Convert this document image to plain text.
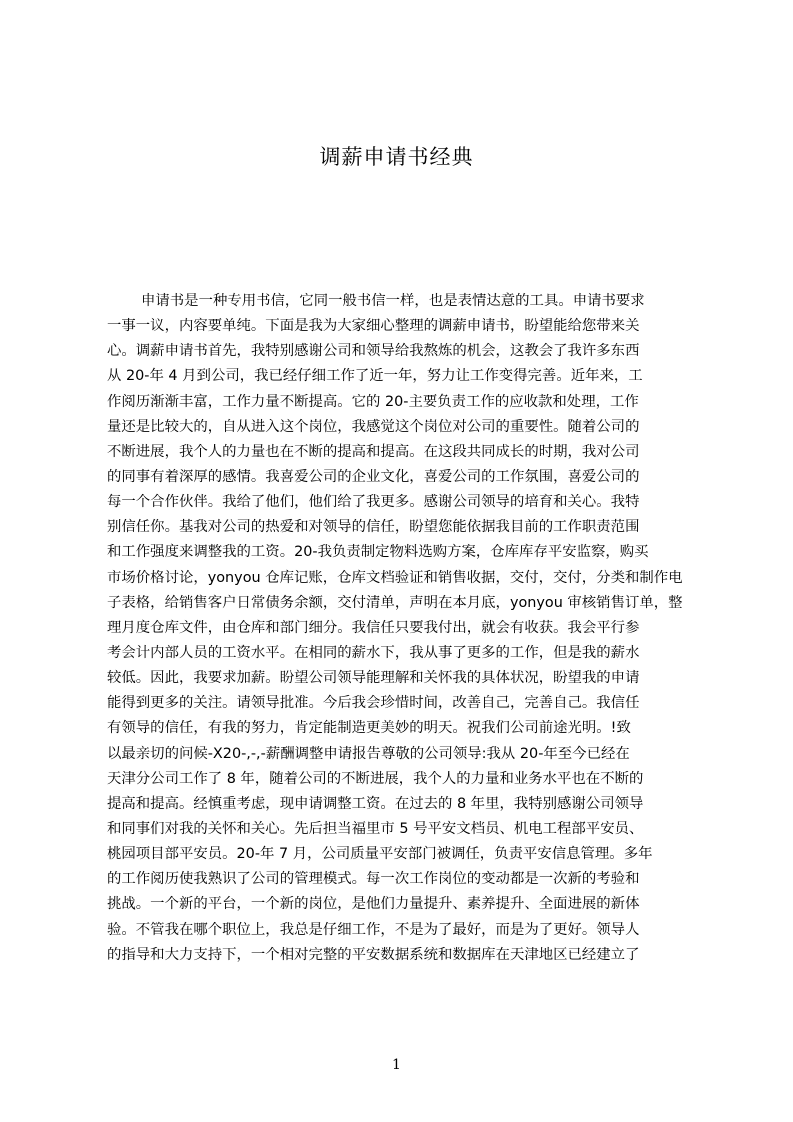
调薪申请书经典
申请书是一种专用书信，它同一般书信一样，也是表情达意的工具。申请书要求
一事一议，内容要单纯。下面是我为大家细心整理的调薪申请书，盼望能给您带来关
心。调薪申请书首先，我特别感谢公司和领导给我熬炼的机会，这教会了我许多东西
从 20-年 4 月到公司，我已经仔细工作了近一年，努力让工作变得完善。近年来，工
作阅历渐渐丰富，工作力量不断提高。它的 20-主要负责工作的应收款和处理，工作
量还是比较大的，自从进入这个岗位，我感觉这个岗位对公司的重要性。随着公司的
不断进展，我个人的力量也在不断的提高和提高。在这段共同成长的时期，我对公司
的同事有着深厚的感情。我喜爱公司的企业文化，喜爱公司的工作氛围，喜爱公司的
每一个合作伙伴。我给了他们，他们给了我更多。感谢公司领导的培育和关心。我特
别信任你。基我对公司的热爱和对领导的信任，盼望您能依据我目前的工作职责范围
和工作强度来调整我的工资。20-我负责制定物料选购方案，仓库库存平安监察，购买
市场价格讨论，yonyou 仓库记账，仓库文档验证和销售收据，交付，交付，分类和制作电
子表格，给销售客户日常债务余额，交付清单，声明在本月底，yonyou 审核销售订单，整
理月度仓库文件，由仓库和部门细分。我信任只要我付出，就会有收获。我会平行参
考会计内部人员的工资水平。在相同的薪水下，我从事了更多的工作，但是我的薪水
较低。因此，我要求加薪。盼望公司领导能理解和关怀我的具体状况，盼望我的申请
能得到更多的关注。请领导批准。今后我会珍惜时间，改善自己，完善自己。我信任
有领导的信任，有我的努力，肯定能制造更美妙的明天。祝我们公司前途光明。!致
以最亲切的问候-X20-,-,-薪酬调整申请报告尊敬的公司领导:我从 20-年至今已经在
天津分公司工作了 8 年，随着公司的不断进展，我个人的力量和业务水平也在不断的
提高和提高。经慎重考虑，现申请调整工资。在过去的 8 年里，我特别感谢公司领导
和同事们对我的关怀和关心。先后担当福里市 5 号平安文档员、机电工程部平安员、
桃园项目部平安员。20-年 7 月，公司质量平安部门被调任，负责平安信息管理。多年
的工作阅历使我熟识了公司的管理模式。每一次工作岗位的变动都是一次新的考验和
挑战。一个新的平台，一个新的岗位，是他们力量提升、素养提升、全面进展的新体
验。不管我在哪个职位上，我总是仔细工作，不是为了最好，而是为了更好。领导人
的指导和大力支持下，一个相对完整的平安数据系统和数据库在天津地区已经建立了
1
